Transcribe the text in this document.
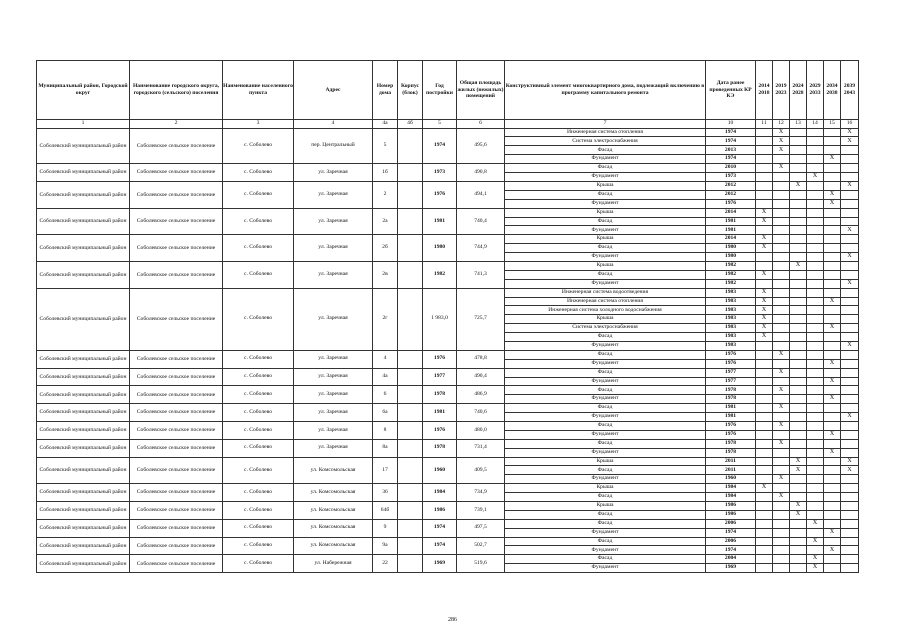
Муниципальный район, Городской округ	Наименование городского округа, городского (сельского) поселения	Наименование населенного пункта	Адрес	Номер дома	Корпус (блок)	Год постройки	Общая площадь жилых (нежилых) помещений	Конструктивный элемент многоквартирного дома, подлежащий включению в программу капитального ремонта	Дата ранее проведенных КР КЭ	2014 2018	2019 2023	2024 2028	2029 2033	2034 2038	2039 2043
1	2	3	4	4а	4б	5	6	7	10	11	12	13	14	15	16
Соболевский муниципальный район	Соболевское сельское поселение	с. Соболево	пер. Центральный	5		1974	495,6	Инженерная система отопления	1974		X				X
								Система электроснабжения	1974		X				X
								Фасад	2013		X				
								Фундамент	1974					X	
Соболевский муниципальный район	Соболевское сельское поселение	с. Соболево	ул. Заречная	1б		1973	490,8	Фасад	2010		X				
								Фундамент	1973				X		
Соболевский муниципальный район	Соболевское сельское поселение	с. Соболево	ул. Заречная	2		1976	494,1	Крыша	2012			X			X
								Фасад	2012					X	
								Фундамент	1976					X	
Соболевский муниципальный район	Соболевское сельское поселение	с. Соболево	ул. Заречная	2а		1981	740,4	Крыша	2014	X					
								Фасад	1981	X					
								Фундамент	1981						X
Соболевский муниципальный район	Соболевское сельское поселение	с. Соболево	ул. Заречная	2б		1980	744,9	Крыша	2014	X					
								Фасад	1980	X					
								Фундамент	1980						X
Соболевский муниципальный район	Соболевское сельское поселение	с. Соболево	ул. Заречная	2в		1982	741,3	Крыша	1982			X			
								Фасад	1982	X					
								Фундамент	1982						X
Соболевский муниципальный район	Соболевское сельское поселение	с. Соболево	ул. Заречная	2г		1 983,0	725,7	Инженерная система водоотведения	1983	X					
								Инженерная система отопления	1983	X				X	
								Инженерная система холодного водоснабжения	1983	X					
								Крыша	1983	X					
								Система электроснабжения	1983	X				X	
								Фасад	1983	X					
								Фундамент	1983						X
Соболевский муниципальный район	Соболевское сельское поселение	с. Соболево	ул. Заречная	4		1976	478,8	Фасад	1976		X				
								Фундамент	1976					X	
Соболевский муниципальный район	Соболевское сельское поселение	с. Соболево	ул. Заречная	4а		1977	490,4	Фасад	1977		X				
								Фундамент	1977					X	
Соболевский муниципальный район	Соболевское сельское поселение	с. Соболево	ул. Заречная	6		1978	486,9	Фасад	1978		X				
								Фундамент	1978					X	
Соболевский муниципальный район	Соболевское сельское поселение	с. Соболево	ул. Заречная	6а		1981	740,6	Фасад	1981		X				
								Фундамент	1981						X
Соболевский муниципальный район	Соболевское сельское поселение	с. Соболево	ул. Заречная	8		1976	480,0	Фасад	1976		X				
								Фундамент	1976					X	
Соболевский муниципальный район	Соболевское сельское поселение	с. Соболево	ул. Заречная	8а		1978	731,4	Фасад	1978		X				
								Фундамент	1978					X	
Соболевский муниципальный район	Соболевское сельское поселение	с. Соболево	ул. Комсомольская	17		1960	409,5	Крыша	2011			X			X
								Фасад	2011			X			X
								Фундамент	1960		X				
Соболевский муниципальный район	Соболевское сельское поселение	с. Соболево	ул. Комсомольская	36		1984	734,9	Крыша	1984	X					
								Фасад	1984		X				
Соболевский муниципальный район	Соболевское сельское поселение	с. Соболево	ул. Комсомольская	64б		1986	739,1	Крыша	1986			X			
								Фасад	1986			X			
Соболевский муниципальный район	Соболевское сельское поселение	с. Соболево	ул. Комсомольская	9		1974	497,5	Фасад	2006				X		
								Фундамент	1974					X	
Соболевский муниципальный район	Соболевское сельское поселение	с. Соболево	ул. Комсомольская	9а		1974	502,7	Фасад	2006				X		
								Фундамент	1974					X	
Соболевский муниципальный район	Соболевское сельское поселение	с. Соболево	ул. Набережная	22		1969	519,6	Фасад	2004				X		
								Фундамент	1969				X		
286
